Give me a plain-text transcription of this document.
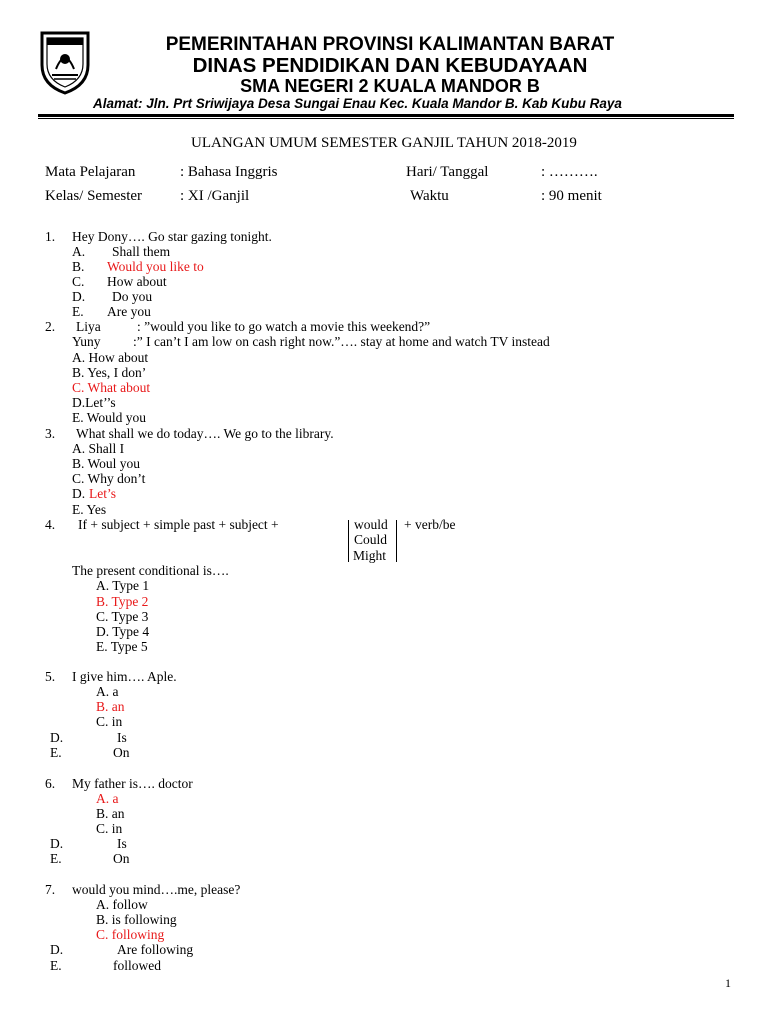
PEMERINTAHAN PROVINSI KALIMANTAN BARAT
DINAS PENDIDIKAN DAN KEBUDAYAAN
SMA NEGERI 2 KUALA MANDOR B
Alamat: Jln. Prt Sriwijaya Desa Sungai Enau Kec. Kuala Mandor B. Kab Kubu Raya
ULANGAN UMUM SEMESTER GANJIL TAHUN 2018-2019
Mata Pelajaran	: Bahasa Inggris	Hari/ Tanggal	: ……….
Kelas/ Semester	: XI /Ganjil	Waktu	: 90 menit
1. Hey Dony…. Go star gazing tonight.
A. Shall them
B. Would you like to
C. How about
D. Do you
E. Are you
2. Liya	: ”would you like to go watch a movie this weekend?”
Yuny :” I can’t I am low on cash right now.”…. stay at home and watch TV instead
A. How about
B. Yes, I don’
C. What about
D.Let’’s
E. Would you
3. What shall we do today…. We go to the library.
A. Shall I
B. Woul you
C. Why don’t
D. Let’s
E. Yes
4. If + subject + simple past + subject +	would + verb/be
Could
Might
The present conditional is….
A. Type 1
B. Type 2
C. Type 3
D. Type 4
E. Type 5
5. I give him…. Aple.
A. a
B. an
C. in
D.	Is
E.	On
6. My father is…. doctor
A. a
B. an
C. in
D.	Is
E.	On
7. would you mind….me, please?
A. follow
B. is following
C. following
D.	Are following
E.	followed
1
